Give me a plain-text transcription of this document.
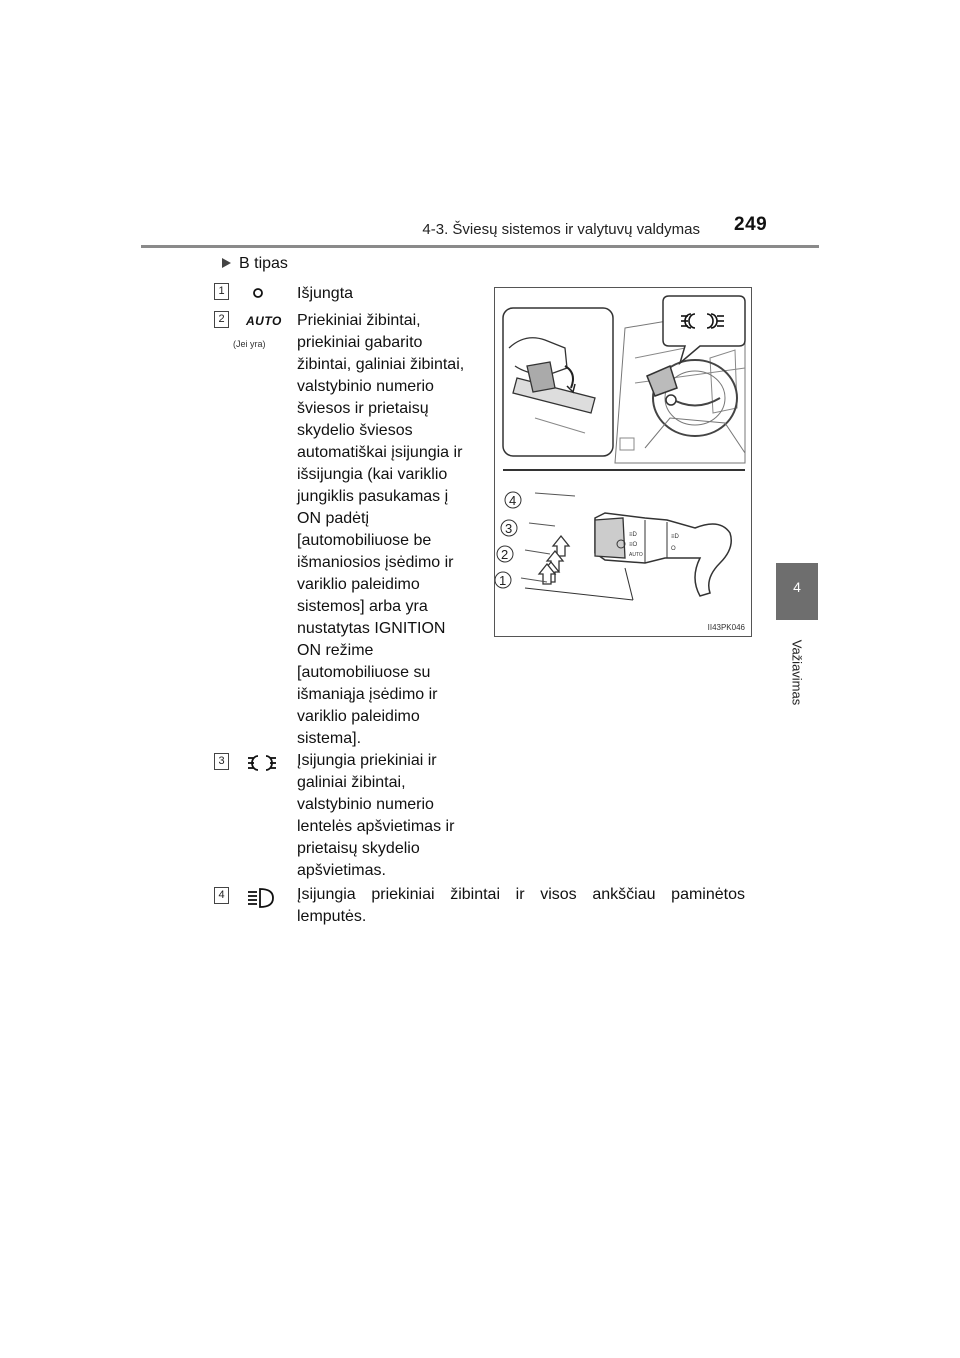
4-3. Šviesų sistemos ir valytuvų valdymas 249
4
Važiavimas
B tipas
1	Išjungta
2	AUTO
(Jei yra)
Priekiniai žibintai, priekiniai gabarito žibintai, galiniai žibintai, valstybinio numerio šviesos ir prietaisų skydelio šviesos automatiškai įsijungia ir išsijungia (kai variklio jungiklis pasukamas į ON padėtį [automobiliuose be išmaniosios įsėdimo ir variklio paleidimo sistemos] arba yra nustatytas IGNITION ON režime [automobiliuose su išmaniąja įsėdimo ir variklio paleidimo sistema].
≡D
≡O
AUTO
≡D
O
4
3
2
1
II43PK046
3	Įsijungia priekiniai ir galiniai žibintai, valstybinio numerio lentelės apšvietimas ir prietaisų skydelio apšvietimas.
4	Įsijungia priekiniai žibintai ir visos ankščiau paminėtos lemputės.
